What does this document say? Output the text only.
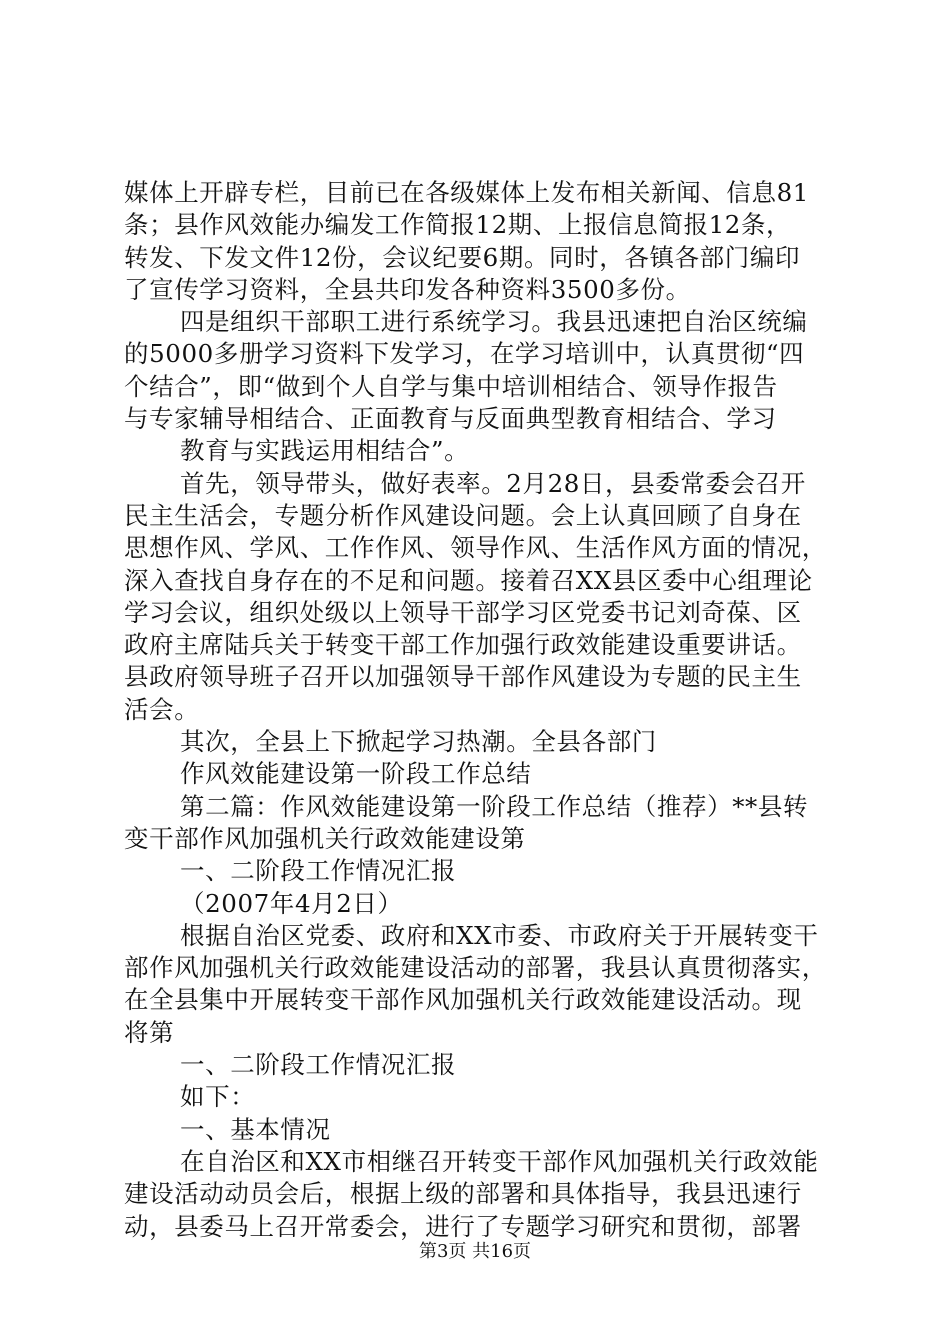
媒体上开辟专栏，目前已在各级媒体上发布相关新闻、信息81
条；县作风效能办编发工作简报12期、上报信息简报12条，
转发、下发文件12份，会议纪要6期。同时，各镇各部门编印
了宣传学习资料，全县共印发各种资料3500多份。
四是组织干部职工进行系统学习。我县迅速把自治区统编
的5000多册学习资料下发学习，在学习培训中，认真贯彻“四
个结合”，即“做到个人自学与集中培训相结合、领导作报告
与专家辅导相结合、正面教育与反面典型教育相结合、学习
教育与实践运用相结合”。
首先，领导带头，做好表率。2月28日，县委常委会召开
民主生活会，专题分析作风建设问题。会上认真回顾了自身在
思想作风、学风、工作作风、领导作风、生活作风方面的情况，
深入查找自身存在的不足和问题。接着召XX县区委中心组理论
学习会议，组织处级以上领导干部学习区党委书记刘奇葆、区
政府主席陆兵关于转变干部工作加强行政效能建设重要讲话。
县政府领导班子召开以加强领导干部作风建设为专题的民主生
活会。
其次，全县上下掀起学习热潮。全县各部门
作风效能建设第一阶段工作总结
第二篇：作风效能建设第一阶段工作总结（推荐）**县转
变干部作风加强机关行政效能建设第
一、二阶段工作情况汇报
（2007年4月2日）
根据自治区党委、政府和XX市委、市政府关于开展转变干
部作风加强机关行政效能建设活动的部署，我县认真贯彻落实，
在全县集中开展转变干部作风加强机关行政效能建设活动。现
将第
一、二阶段工作情况汇报
如下：
一、基本情况
在自治区和XX市相继召开转变干部作风加强机关行政效能
建设活动动员会后，根据上级的部署和具体指导，我县迅速行
动，县委马上召开常委会，进行了专题学习研究和贯彻，部署
第3页 共16页
